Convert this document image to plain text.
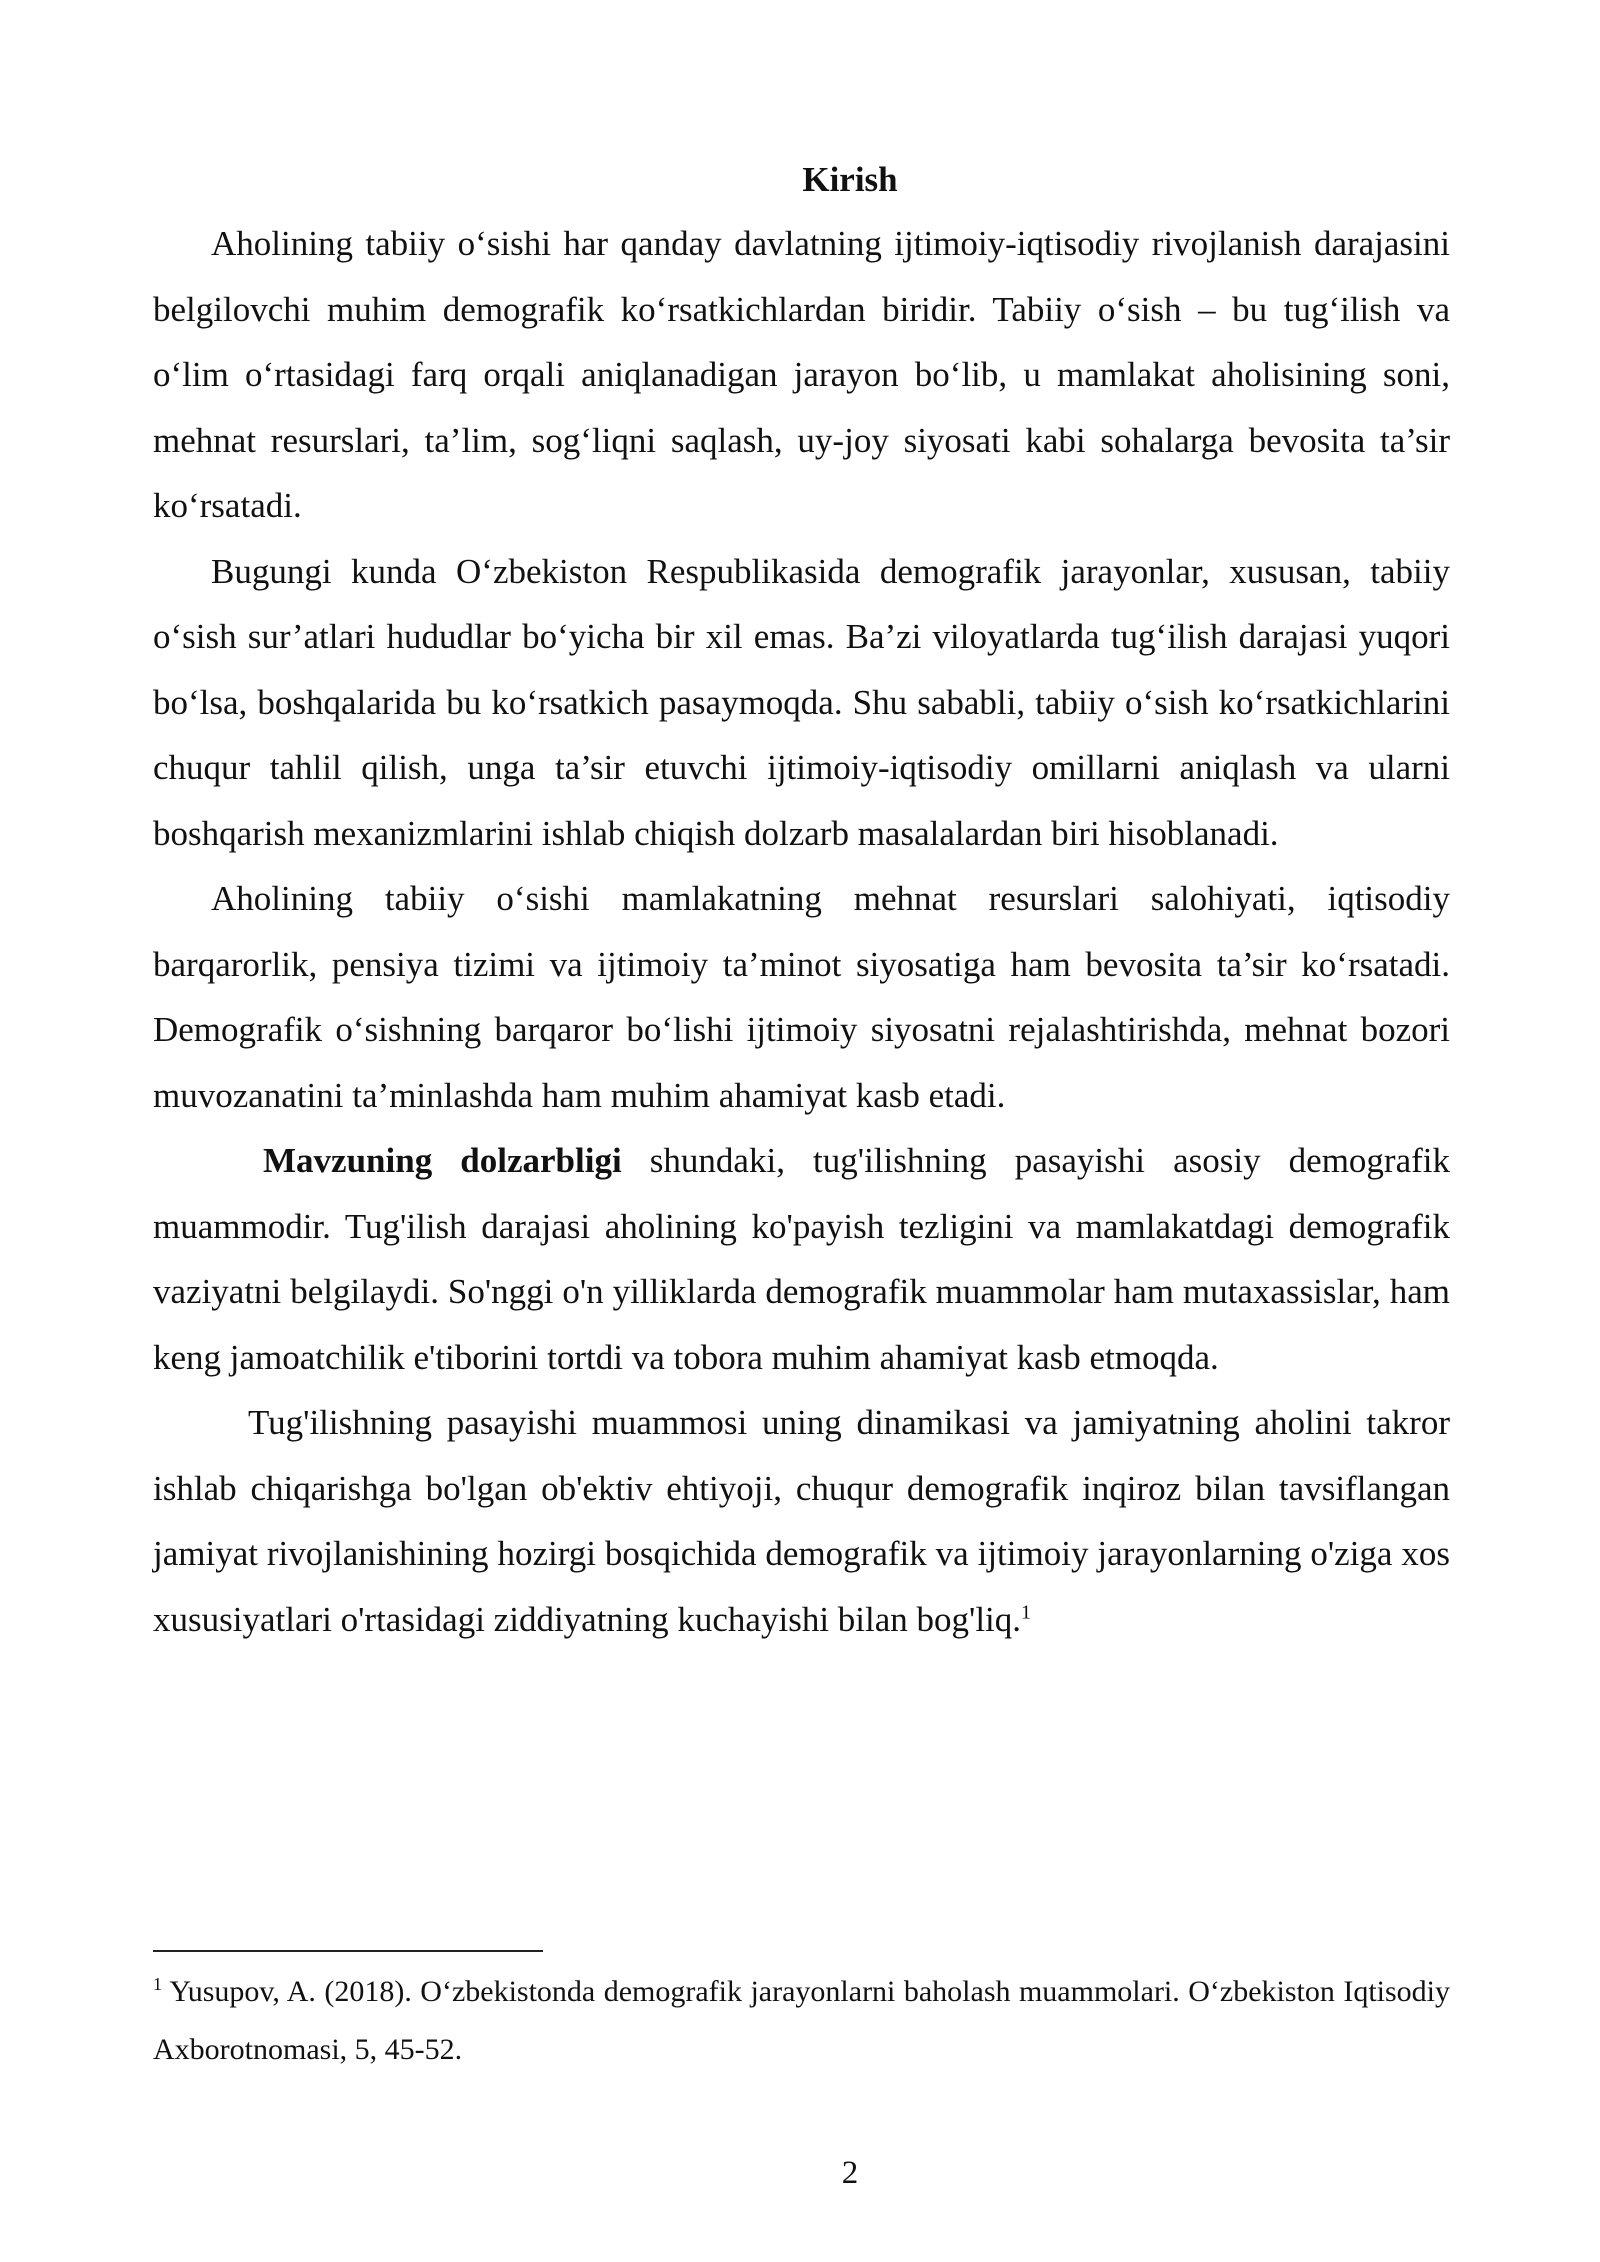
Kirish

Aholining tabiiy o‘sishi har qanday davlatning ijtimoiy-iqtisodiy rivojlanish darajasini belgilovchi muhim demografik ko‘rsatkichlardan biridir. Tabiiy o‘sish – bu tug‘ilish va o‘lim o‘rtasidagi farq orqali aniqlanadigan jarayon bo‘lib, u mamlakat aholisining soni, mehnat resurslari, ta’lim, sog‘liqni saqlash, uy-joy siyosati kabi sohalarga bevosita ta’sir ko‘rsatadi.

Bugungi kunda O‘zbekiston Respublikasida demografik jarayonlar, xususan, tabiiy o‘sish sur’atlari hududlar bo‘yicha bir xil emas. Ba’zi viloyatlarda tug‘ilish darajasi yuqori bo‘lsa, boshqalarida bu ko‘rsatkich pasaymoqda. Shu sababli, tabiiy o‘sish ko‘rsatkichlarini chuqur tahlil qilish, unga ta’sir etuvchi ijtimoiy-iqtisodiy omillarni aniqlash va ularni boshqarish mexanizmlarini ishlab chiqish dolzarb masalalardan biri hisoblanadi.

Aholining tabiiy o‘sishi mamlakatning mehnat resurslari salohiyati, iqtisodiy barqarorlik, pensiya tizimi va ijtimoiy ta’minot siyosatiga ham bevosita ta’sir ko‘rsatadi. Demografik o‘sishning barqaror bo‘lishi ijtimoiy siyosatni rejalashtirishda, mehnat bozori muvozanatini ta’minlashda ham muhim ahamiyat kasb etadi.

Mavzuning dolzarbligi shundaki, tug'ilishning pasayishi asosiy demografik muammodir. Tug'ilish darajasi aholining ko'payish tezligini va mamlakatdagi demografik vaziyatni belgilaydi. So'nggi o'n yilliklarda demografik muammolar ham mutaxassislar, ham keng jamoatchilik e'tiborini tortdi va tobora muhim ahamiyat kasb etmoqda.

Tug'ilishning pasayishi muammosi uning dinamikasi va jamiyatning aholini takror ishlab chiqarishga bo'lgan ob'ektiv ehtiyoji, chuqur demografik inqiroz bilan tavsiflangan jamiyat rivojlanishining hozirgi bosqichida demografik va ijtimoiy jarayonlarning o'ziga xos xususiyatlari o'rtasidagi ziddiyatning kuchayishi bilan bog'liq.$^1$

$^1$ Yusupov, A. (2018). O‘zbekistonda demografik jarayonlarni baholash muammolari. O‘zbekiston Iqtisodiy Axborotnomasi, 5, 45-52.

2
